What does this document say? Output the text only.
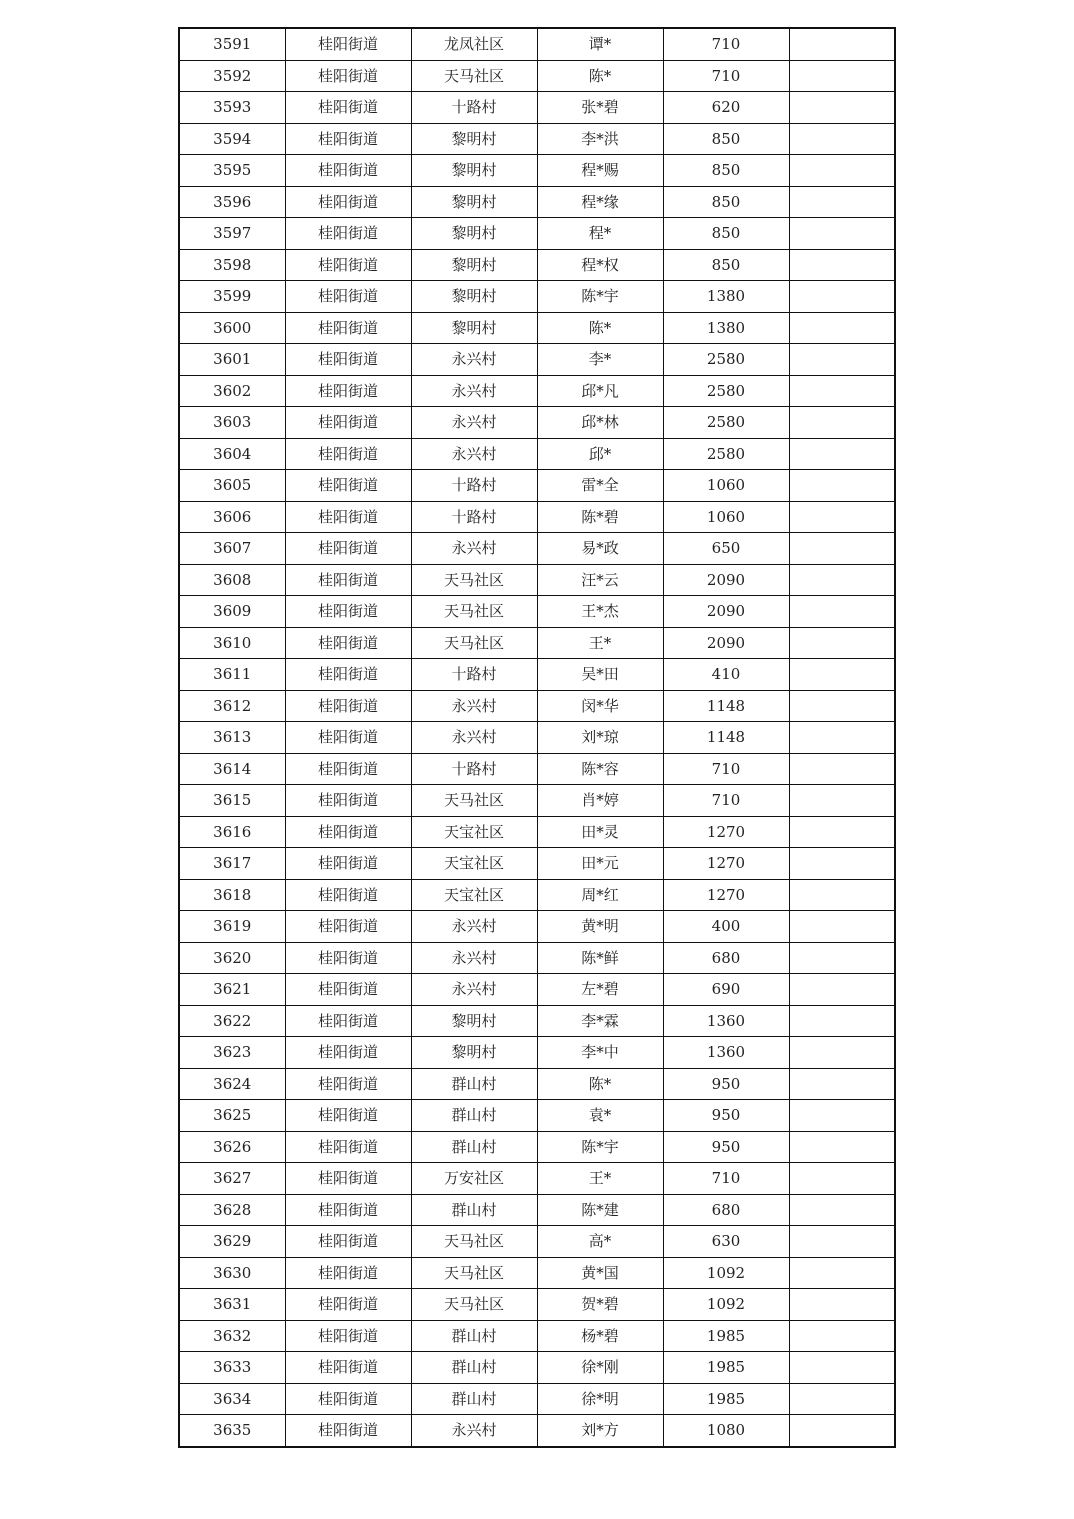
3591	桂阳街道	龙凤社区	谭*	710	
3592	桂阳街道	天马社区	陈*	710	
3593	桂阳街道	十路村	张*碧	620	
3594	桂阳街道	黎明村	李*洪	850	
3595	桂阳街道	黎明村	程*赐	850	
3596	桂阳街道	黎明村	程*缘	850	
3597	桂阳街道	黎明村	程*	850	
3598	桂阳街道	黎明村	程*权	850	
3599	桂阳街道	黎明村	陈*宇	1380	
3600	桂阳街道	黎明村	陈*	1380	
3601	桂阳街道	永兴村	李*	2580	
3602	桂阳街道	永兴村	邱*凡	2580	
3603	桂阳街道	永兴村	邱*林	2580	
3604	桂阳街道	永兴村	邱*	2580	
3605	桂阳街道	十路村	雷*全	1060	
3606	桂阳街道	十路村	陈*碧	1060	
3607	桂阳街道	永兴村	易*政	650	
3608	桂阳街道	天马社区	汪*云	2090	
3609	桂阳街道	天马社区	王*杰	2090	
3610	桂阳街道	天马社区	王*	2090	
3611	桂阳街道	十路村	吴*田	410	
3612	桂阳街道	永兴村	闵*华	1148	
3613	桂阳街道	永兴村	刘*琼	1148	
3614	桂阳街道	十路村	陈*容	710	
3615	桂阳街道	天马社区	肖*婷	710	
3616	桂阳街道	天宝社区	田*灵	1270	
3617	桂阳街道	天宝社区	田*元	1270	
3618	桂阳街道	天宝社区	周*红	1270	
3619	桂阳街道	永兴村	黄*明	400	
3620	桂阳街道	永兴村	陈*鲜	680	
3621	桂阳街道	永兴村	左*碧	690	
3622	桂阳街道	黎明村	李*霖	1360	
3623	桂阳街道	黎明村	李*中	1360	
3624	桂阳街道	群山村	陈*	950	
3625	桂阳街道	群山村	袁*	950	
3626	桂阳街道	群山村	陈*宇	950	
3627	桂阳街道	万安社区	王*	710	
3628	桂阳街道	群山村	陈*建	680	
3629	桂阳街道	天马社区	高*	630	
3630	桂阳街道	天马社区	黄*国	1092	
3631	桂阳街道	天马社区	贺*碧	1092	
3632	桂阳街道	群山村	杨*碧	1985	
3633	桂阳街道	群山村	徐*刚	1985	
3634	桂阳街道	群山村	徐*明	1985	
3635	桂阳街道	永兴村	刘*方	1080	
